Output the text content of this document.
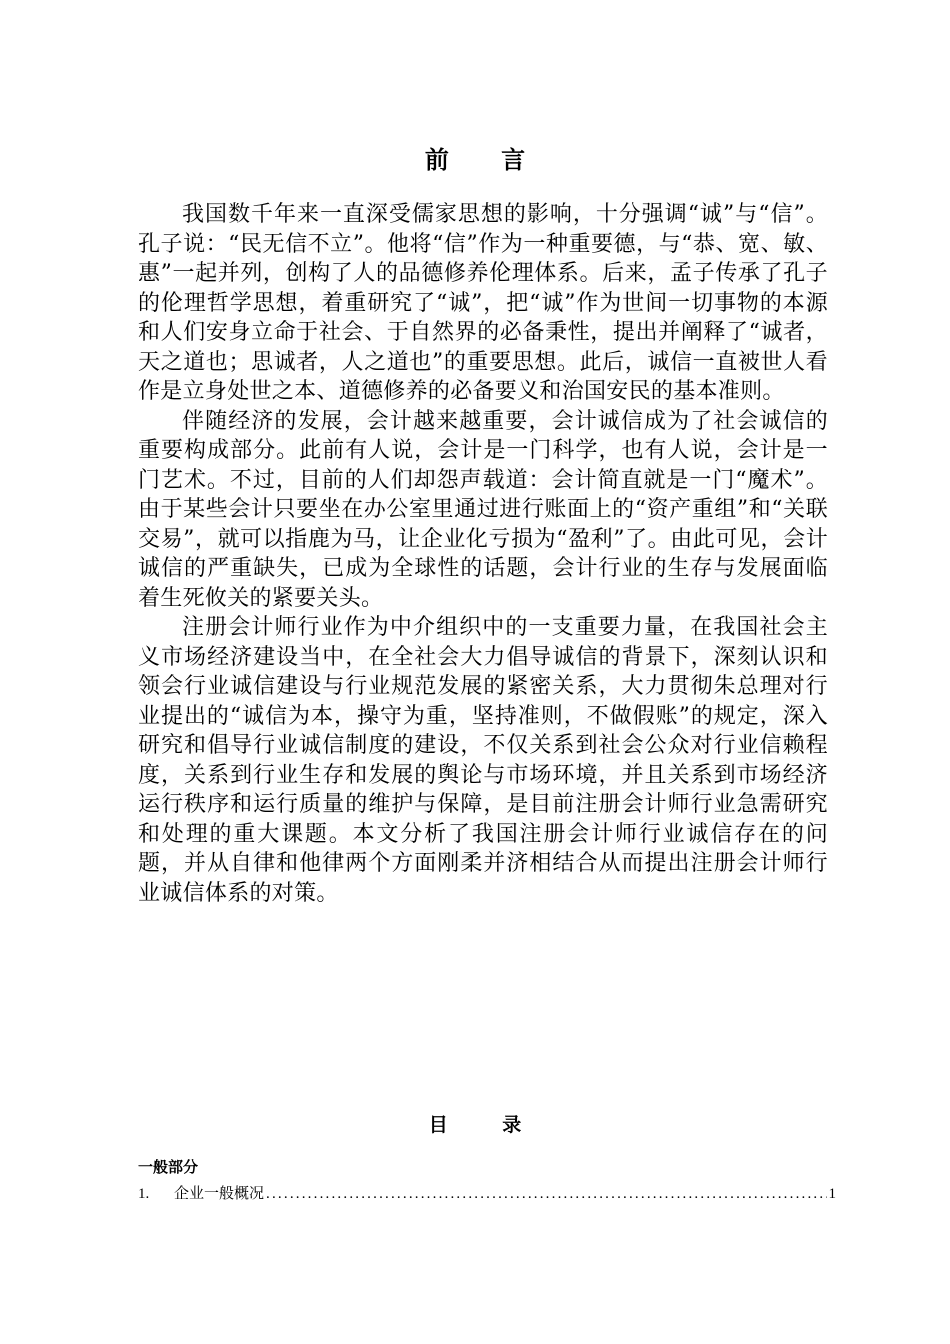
前 言

我国数千年来一直深受儒家思想的影响，十分强调“诚”与“信”。孔子说：“民无信不立”。他将“信”作为一种重要德，与“恭、宽、敏、惠”一起并列，创构了人的品德修养伦理体系。后来，孟子传承了孔子的伦理哲学思想，着重研究了“诚”，把“诚”作为世间一切事物的本源和人们安身立命于社会、于自然界的必备秉性，提出并阐释了“诚者，天之道也；思诚者，人之道也”的重要思想。此后，诚信一直被世人看作是立身处世之本、道德修养的必备要义和治国安民的基本准则。

伴随经济的发展，会计越来越重要，会计诚信成为了社会诚信的重要构成部分。此前有人说，会计是一门科学，也有人说，会计是一门艺术。不过，目前的人们却怨声载道：会计简直就是一门“魔术”。由于某些会计只要坐在办公室里通过进行账面上的“资产重组”和“关联交易”，就可以指鹿为马，让企业化亏损为“盈利”了。由此可见，会计诚信的严重缺失，已成为全球性的话题，会计行业的生存与发展面临着生死攸关的紧要关头。

注册会计师行业作为中介组织中的一支重要力量，在我国社会主义市场经济建设当中，在全社会大力倡导诚信的背景下，深刻认识和领会行业诚信建设与行业规范发展的紧密关系，大力贯彻朱总理对行业提出的“诚信为本，操守为重，坚持准则，不做假账”的规定，深入研究和倡导行业诚信制度的建设，不仅关系到社会公众对行业信赖程度，关系到行业生存和发展的舆论与市场环境，并且关系到市场经济运行秩序和运行质量的维护与保障，是目前注册会计师行业急需研究和处理的重大课题。本文分析了我国注册会计师行业诚信存在的问题，并从自律和他律两个方面刚柔并济相结合从而提出注册会计师行业诚信体系的对策。

目 录
一般部分
1.	企业一般概况
.....	1
